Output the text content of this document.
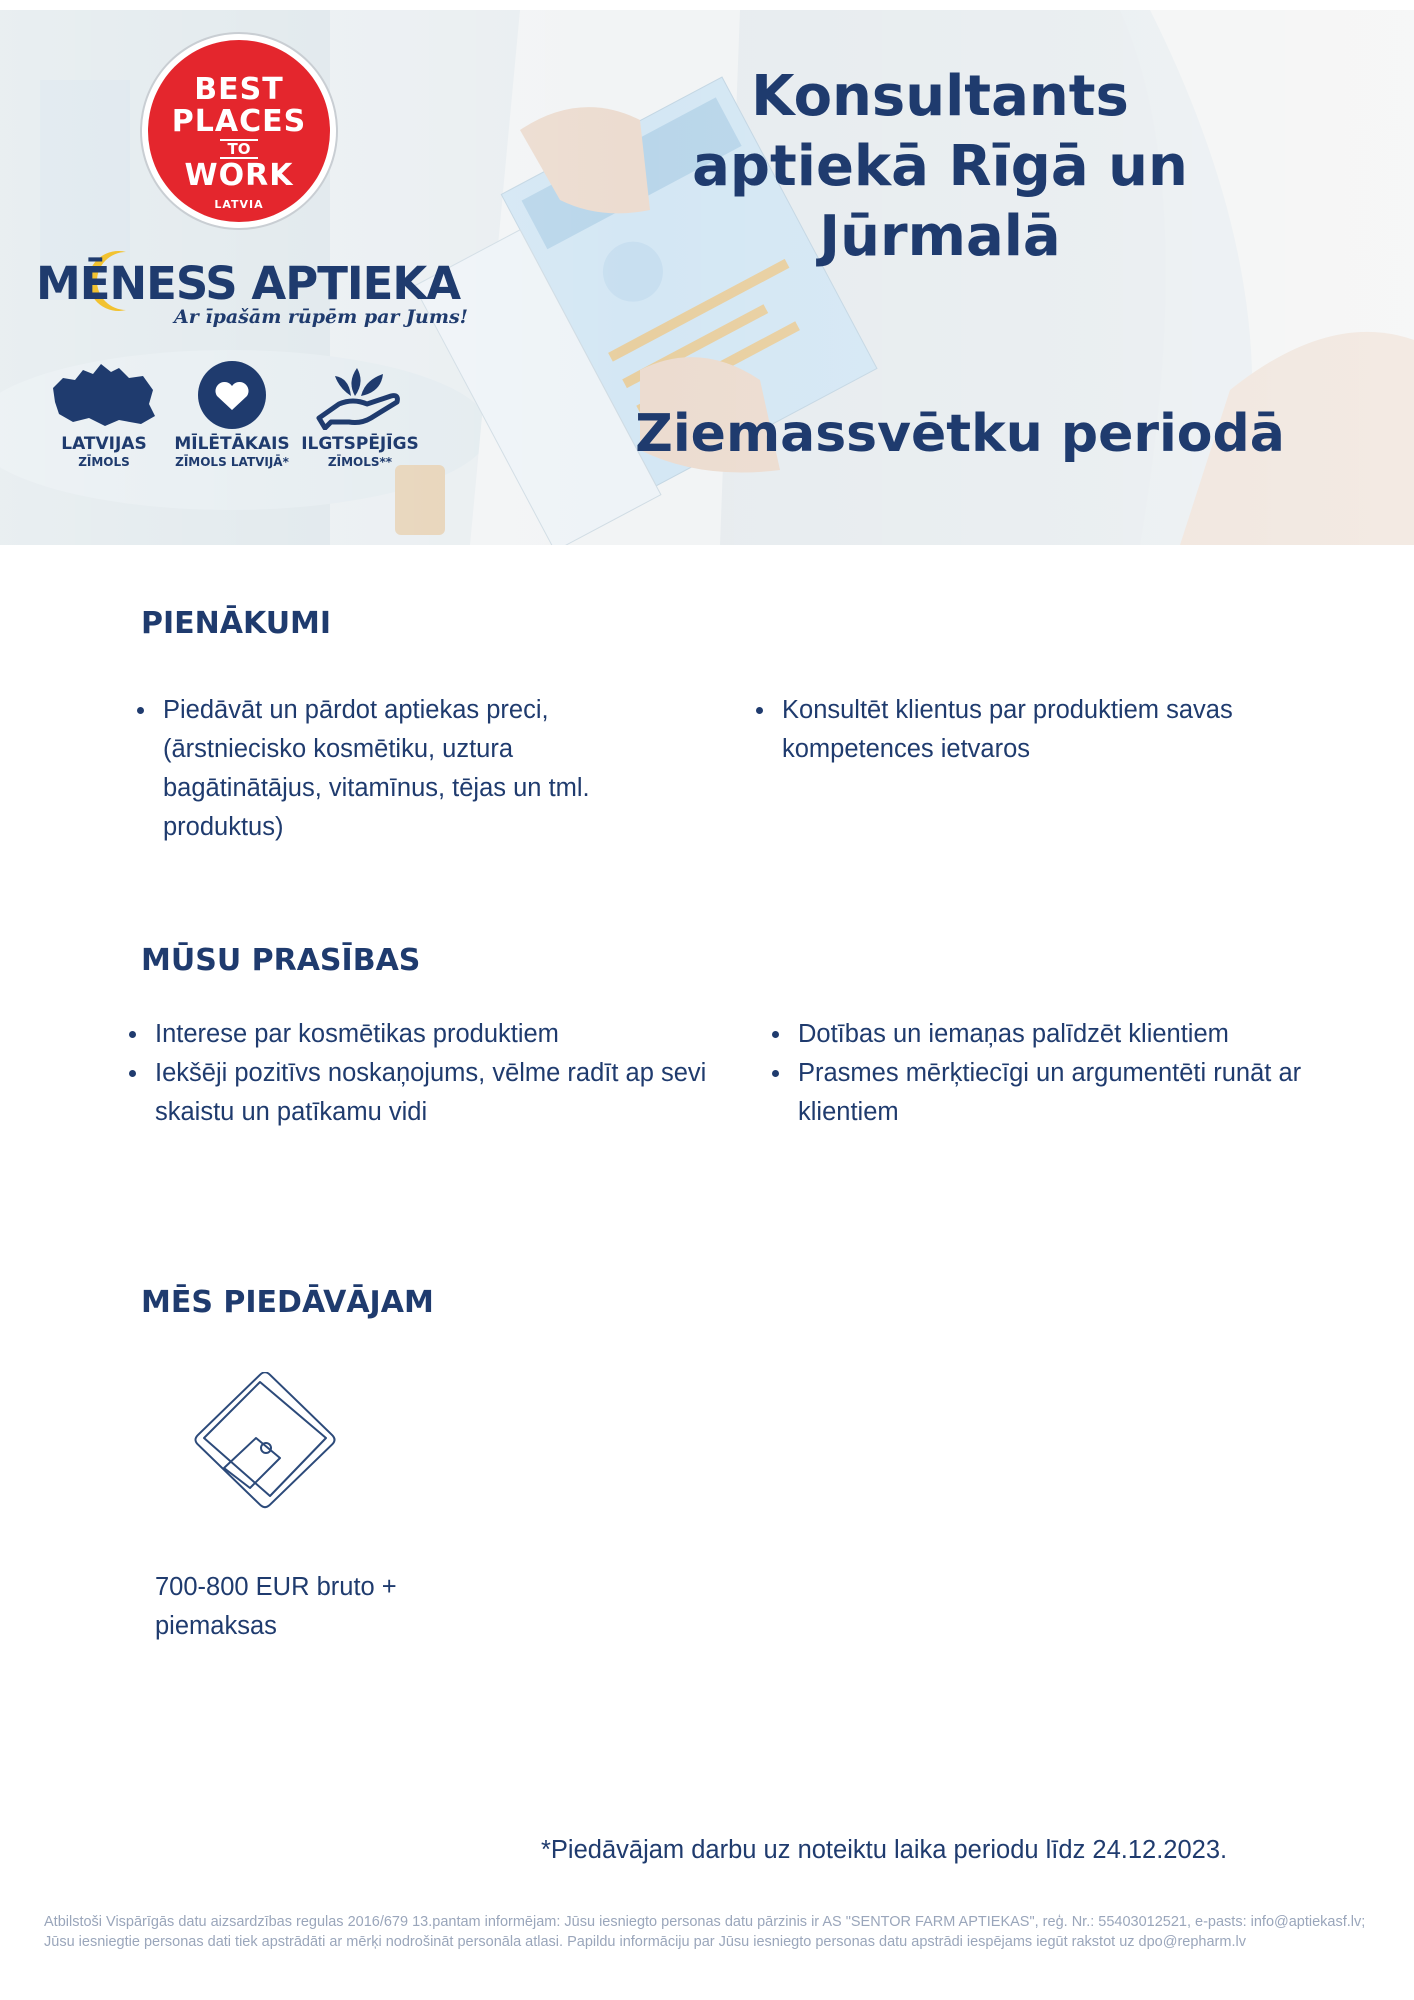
BEST
PLACES
TO
WORK
LATVIA
MĒNESS APTIEKA
Ar īpašām rūpēm par Jums!
LATVIJAS
ZĪMOLS
MĪLĒTĀKAIS
ZĪMOLS LATVIJĀ*
ILGTSPĒJĪGS
ZĪMOLS**
Konsultants
aptiekā Rīgā un
Jūrmalā
Ziemassvētku periodā
PIENĀKUMI
Piedāvāt un pārdot aptiekas preci, (ārstniecisko kosmētiku, uztura bagātinātājus, vitamīnus, tējas un tml. produktus)
Konsultēt klientus par produktiem savas kompetences ietvaros
MŪSU PRASĪBAS
Interese par kosmētikas produktiem
Iekšēji pozitīvs noskaņojums, vēlme radīt ap sevi skaistu un patīkamu vidi
Dotības un iemaņas palīdzēt klientiem
Prasmes mērķtiecīgi un argumentēti runāt ar klientiem
MĒS PIEDĀVĀJAM
700-800 EUR bruto + piemaksas
*Piedāvājam darbu uz noteiktu laika periodu līdz 24.12.2023.
Atbilstoši Vispārīgās datu aizsardzības regulas 2016/679 13.pantam informējam: Jūsu iesniegto personas datu pārzinis ir AS "SENTOR FARM APTIEKAS", reģ. Nr.: 55403012521, e-pasts: info@aptiekasf.lv; Jūsu iesniegtie personas dati tiek apstrādāti ar mērķi nodrošināt personāla atlasi. Papildu informāciju par Jūsu iesniegto personas datu apstrādi iespējams iegūt rakstot uz dpo@repharm.lv
